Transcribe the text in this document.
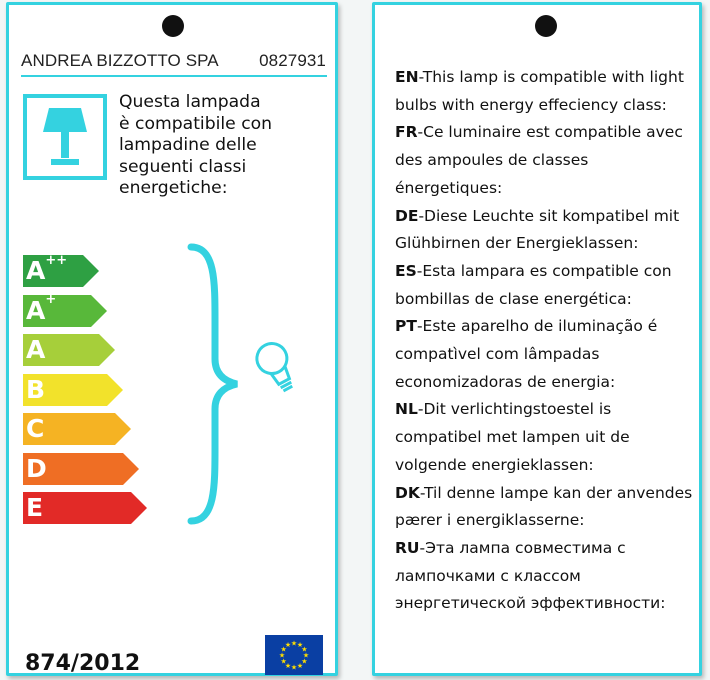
ANDREA BIZZOTTO SPA 0827931
Questa lampada
è compatibile con
lampadine delle
seguenti classi
energetiche:
A++
A+
A
B
C
D
E
874/2012
★ ★
★
★
★
★
★
★
★
★
★
★

EN-This lamp is compatible with light bulbs with energy effeciency class:

FR-Ce luminaire est compatible avec des ampoules de classes énergetiques:

DE-Diese Leuchte sit kompatibel mit Glühbirnen der Energieklassen:

ES-Esta lampara es compatible con bombillas de clase energética:

PT-Este aparelho de iluminação é compatìvel com lâmpadas economizadoras de energia:

NL-Dit verlichtingstoestel is compatibel met lampen uit de volgende energieklassen:

DK-Til denne lampe kan der anvendes pærer i energiklasserne:

RU-Эта лампа совместима с лампочками с классом энергетической эффективности:
